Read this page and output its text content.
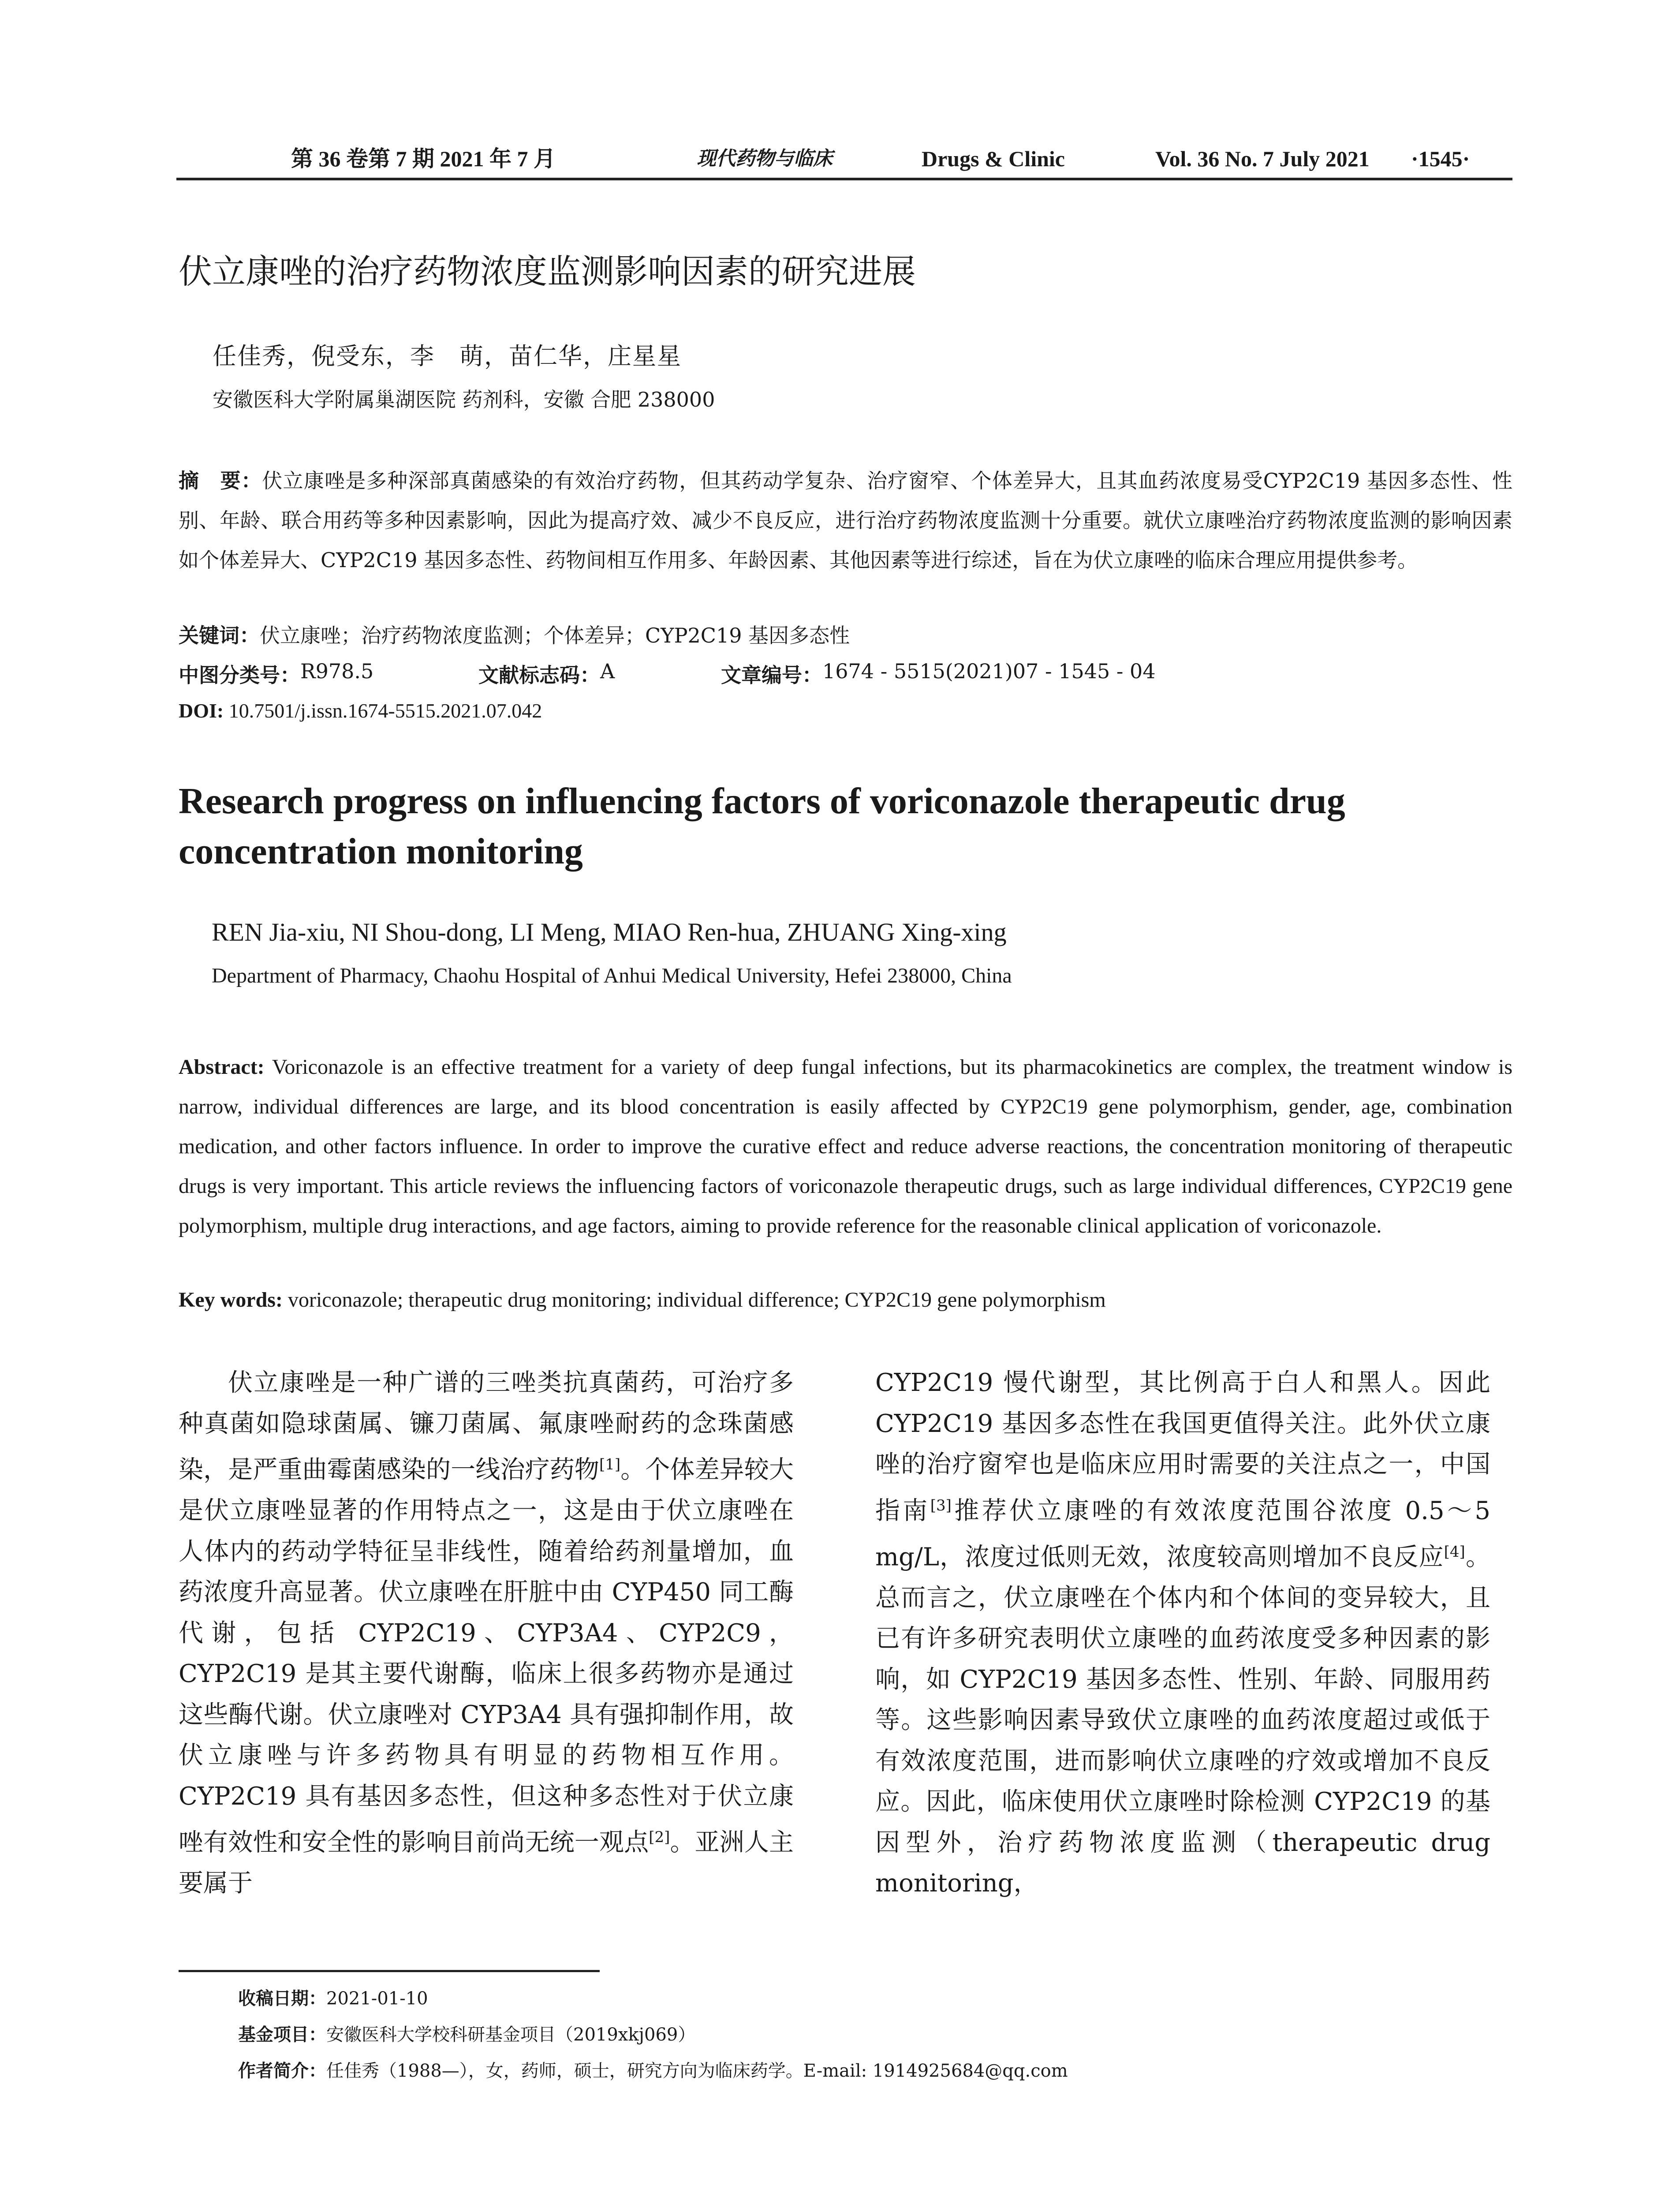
第 36 卷第 7 期 2021 年 7 月	现代药物与临床	Drugs & Clinic	Vol. 36 No. 7 July 2021 ·1545·
伏立康唑的治疗药物浓度监测影响因素的研究进展
任佳秀，倪受东，李　萌，苗仁华，庄星星
安徽医科大学附属巢湖医院 药剂科，安徽 合肥 238000
摘　要：伏立康唑是多种深部真菌感染的有效治疗药物，但其药动学复杂、治疗窗窄、个体差异大，且其血药浓度易受CYP2C19 基因多态性、性别、年龄、联合用药等多种因素影响，因此为提高疗效、减少不良反应，进行治疗药物浓度监测十分重要。就伏立康唑治疗药物浓度监测的影响因素如个体差异大、CYP2C19 基因多态性、药物间相互作用多、年龄因素、其他因素等进行综述，旨在为伏立康唑的临床合理应用提供参考。
关键词：伏立康唑；治疗药物浓度监测；个体差异；CYP2C19 基因多态性
中图分类号： R978.5	文献标志码： A	文章编号： 1674 - 5515(2021)07 - 1545 - 04
DOI: 10.7501/j.issn.1674-5515.2021.07.042
Research progress on influencing factors of voriconazole therapeutic drug concentration monitoring
REN Jia-xiu, NI Shou-dong, LI Meng, MIAO Ren-hua, ZHUANG Xing-xing
Department of Pharmacy, Chaohu Hospital of Anhui Medical University, Hefei 238000, China
Abstract: Voriconazole is an effective treatment for a variety of deep fungal infections, but its pharmacokinetics are complex, the treatment window is narrow, individual differences are large, and its blood concentration is easily affected by CYP2C19 gene polymorphism, gender, age, combination medication, and other factors influence. In order to improve the curative effect and reduce adverse reactions, the concentration monitoring of therapeutic drugs is very important. This article reviews the influencing factors of voriconazole therapeutic drugs, such as large individual differences, CYP2C19 gene polymorphism, multiple drug interactions, and age factors, aiming to provide reference for the reasonable clinical application of voriconazole.
Key words: voriconazole; therapeutic drug monitoring; individual difference; CYP2C19 gene polymorphism
伏立康唑是一种广谱的三唑类抗真菌药，可治疗多种真菌如隐球菌属、镰刀菌属、氟康唑耐药的念珠菌感染，是严重曲霉菌感染的一线治疗药物[1]。个体差异较大是伏立康唑显著的作用特点之一，这是由于伏立康唑在人体内的药动学特征呈非线性，随着给药剂量增加，血药浓度升高显著。伏立康唑在肝脏中由 CYP450 同工酶代谢，包括 CYP2C19、CYP3A4、CYP2C9，CYP2C19 是其主要代谢酶，临床上很多药物亦是通过这些酶代谢。伏立康唑对 CYP3A4 具有强抑制作用，故伏立康唑与许多药物具有明显的药物相互作用。CYP2C19 具有基因多态性，但这种多态性对于伏立康唑有效性和安全性的影响目前尚无统一观点[2]。亚洲人主要属于
CYP2C19 慢代谢型，其比例高于白人和黑人。因此 CYP2C19 基因多态性在我国更值得关注。此外伏立康唑的治疗窗窄也是临床应用时需要的关注点之一，中国指南[3]推荐伏立康唑的有效浓度范围谷浓度 0.5～5 mg/L，浓度过低则无效，浓度较高则增加不良反应[4]。总而言之，伏立康唑在个体内和个体间的变异较大，且已有许多研究表明伏立康唑的血药浓度受多种因素的影响，如 CYP2C19 基因多态性、性别、年龄、同服用药等。这些影响因素导致伏立康唑的血药浓度超过或低于有效浓度范围，进而影响伏立康唑的疗效或增加不良反应。因此，临床使用伏立康唑时除检测 CYP2C19 的基因型外，治疗药物浓度监测（therapeutic drug monitoring，
收稿日期：2021-01-10
基金项目：安徽医科大学校科研基金项目（2019xkj069）
作者简介：任佳秀（1988—），女，药师，硕士，研究方向为临床药学。E-mail: 1914925684@qq.com
